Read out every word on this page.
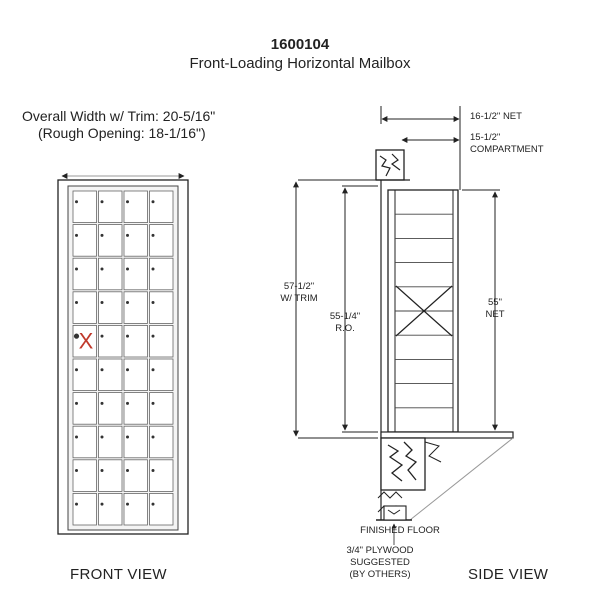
1600104
Front-Loading Horizontal Mailbox
Overall Width w/ Trim: 20-5/16"
(Rough Opening: 18-1/16")
FRONT VIEW
16-1/2" NET
15-1/2"
COMPARTMENT
57-1/2"
W/ TRIM
55-1/4"
R.O.
55"
NET
FINISHED FLOOR
3/4" PLYWOOD
SUGGESTED
(BY OTHERS)	SIDE VIEW
X
